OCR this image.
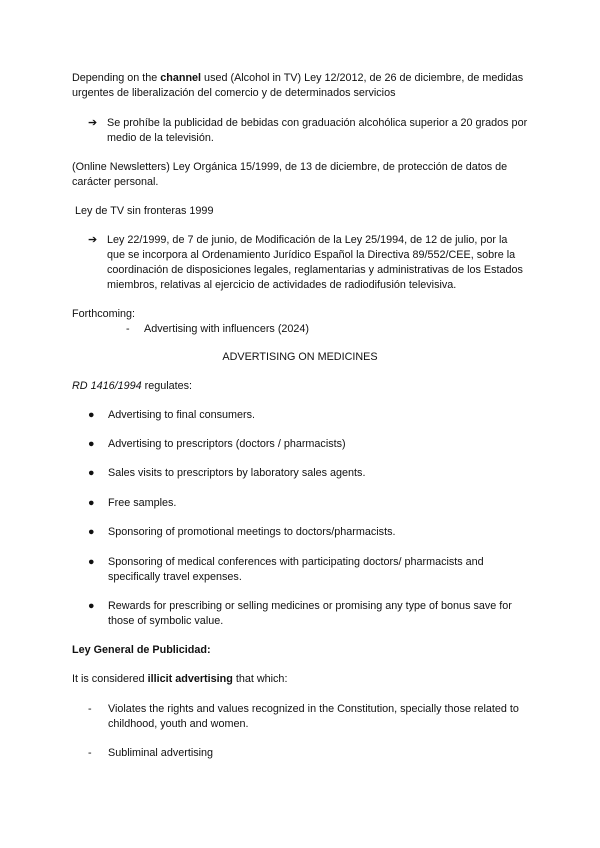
Depending on the channel used (Alcohol in TV) Ley 12/2012, de 26 de diciembre, de medidas urgentes de liberalización del comercio y de determinados servicios

➔ Se prohíbe la publicidad de bebidas con graduación alcohólica superior a 20 grados por medio de la televisión.

(Online Newsletters) Ley Orgánica 15/1999, de 13 de diciembre, de protección de datos de carácter personal.

Ley de TV sin fronteras 1999

➔ Ley 22/1999, de 7 de junio, de Modificación de la Ley 25/1994, de 12 de julio, por la que se incorpora al Ordenamiento Jurídico Español la Directiva 89/552/CEE, sobre la coordinación de disposiciones legales, reglamentarias y administrativas de los Estados miembros, relativas al ejercicio de actividades de radiodifusión televisiva.

Forthcoming:

- Advertising with influencers (2024)
ADVERTISING ON MEDICINES

RD 1416/1994 regulates:

● Advertising to final consumers.
● Advertising to prescriptors (doctors / pharmacists)
● Sales visits to prescriptors by laboratory sales agents.
● Free samples.
● Sponsoring of promotional meetings to doctors/pharmacists.
● Sponsoring of medical conferences with participating doctors/ pharmacists and specifically travel expenses.
● Rewards for prescribing or selling medicines or promising any type of bonus save for those of symbolic value.

Ley General de Publicidad:

It is considered illicit advertising that which:

- Violates the rights and values recognized in the Constitution, specially those related to childhood, youth and women.
- Subliminal advertising
